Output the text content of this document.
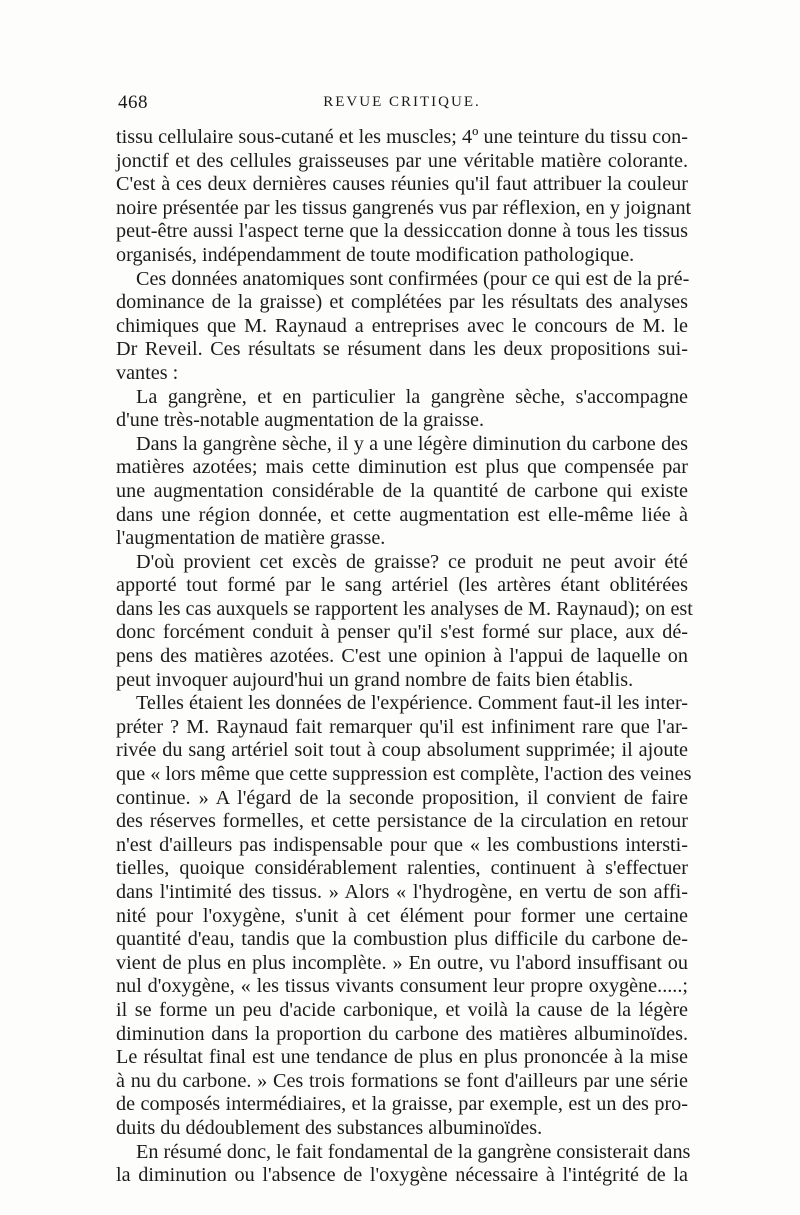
468	REVUE CRITIQUE.
tissu cellulaire sous-cutané et les muscles; 4º une teinture du tissu con-
jonctif et des cellules graisseuses par une véritable matière colorante.
C'est à ces deux dernières causes réunies qu'il faut attribuer la couleur
noire présentée par les tissus gangrenés vus par réflexion, en y joignant
peut-être aussi l'aspect terne que la dessiccation donne à tous les tissus
organisés, indépendamment de toute modification pathologique.
Ces données anatomiques sont confirmées (pour ce qui est de la pré-
dominance de la graisse) et complétées par les résultats des analyses
chimiques que M. Raynaud a entreprises avec le concours de M. le
Dr Reveil. Ces résultats se résument dans les deux propositions sui-
vantes :
La gangrène, et en particulier la gangrène sèche, s'accompagne
d'une très-notable augmentation de la graisse.
Dans la gangrène sèche, il y a une légère diminution du carbone des
matières azotées; mais cette diminution est plus que compensée par
une augmentation considérable de la quantité de carbone qui existe
dans une région donnée, et cette augmentation est elle-même liée à
l'augmentation de matière grasse.
D'où provient cet excès de graisse? ce produit ne peut avoir été
apporté tout formé par le sang artériel (les artères étant oblitérées
dans les cas auxquels se rapportent les analyses de M. Raynaud); on est
donc forcément conduit à penser qu'il s'est formé sur place, aux dé-
pens des matières azotées. C'est une opinion à l'appui de laquelle on
peut invoquer aujourd'hui un grand nombre de faits bien établis.
Telles étaient les données de l'expérience. Comment faut-il les inter-
préter ? M. Raynaud fait remarquer qu'il est infiniment rare que l'ar-
rivée du sang artériel soit tout à coup absolument supprimée; il ajoute
que « lors même que cette suppression est complète, l'action des veines
continue. » A l'égard de la seconde proposition, il convient de faire
des réserves formelles, et cette persistance de la circulation en retour
n'est d'ailleurs pas indispensable pour que « les combustions intersti-
tielles, quoique considérablement ralenties, continuent à s'effectuer
dans l'intimité des tissus. » Alors « l'hydrogène, en vertu de son affi-
nité pour l'oxygène, s'unit à cet élément pour former une certaine
quantité d'eau, tandis que la combustion plus difficile du carbone de-
vient de plus en plus incomplète. » En outre, vu l'abord insuffisant ou
nul d'oxygène, « les tissus vivants consument leur propre oxygène.....;
il se forme un peu d'acide carbonique, et voilà la cause de la légère
diminution dans la proportion du carbone des matières albuminoïdes.
Le résultat final est une tendance de plus en plus prononcée à la mise
à nu du carbone. » Ces trois formations se font d'ailleurs par une série
de composés intermédiaires, et la graisse, par exemple, est un des pro-
duits du dédoublement des substances albuminoïdes.
En résumé donc, le fait fondamental de la gangrène consisterait dans
la diminution ou l'absence de l'oxygène nécessaire à l'intégrité de la
